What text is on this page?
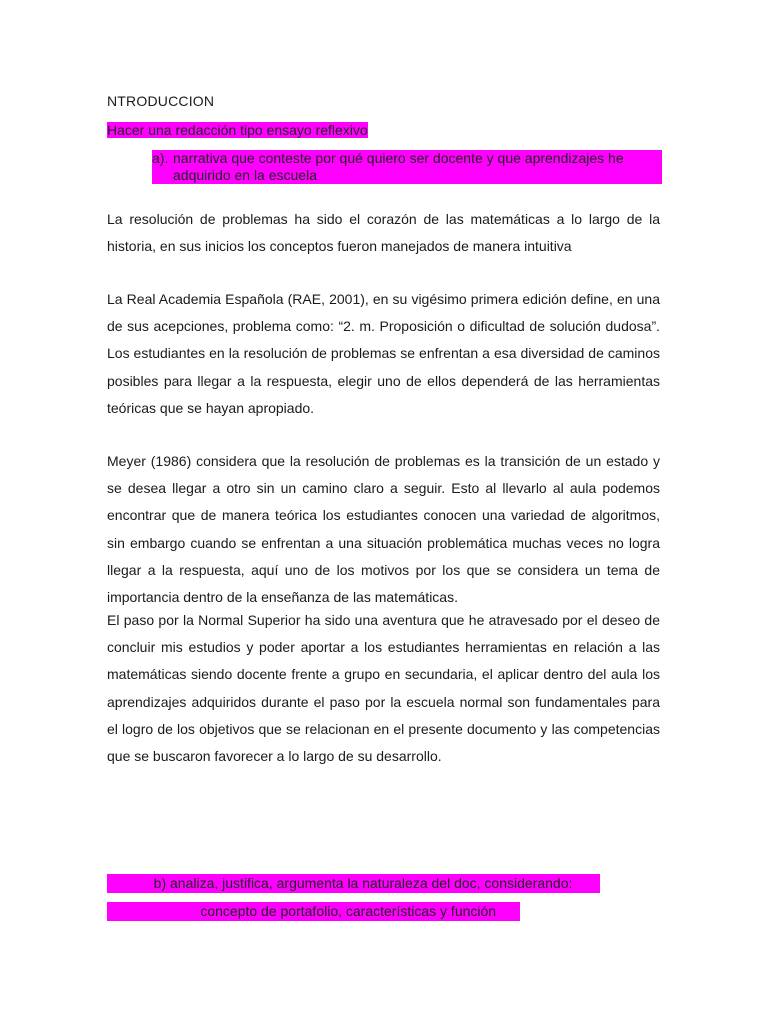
NTRODUCCION
Hacer una redacción tipo ensayo reflexivo
a). narrativa que conteste por qué quiero ser docente y que aprendizajes he adquirido en la escuela

La resolución de problemas ha sido el corazón de las matemáticas a lo largo de la historia, en sus inicios los conceptos fueron manejados de manera intuitiva

La Real Academia Española (RAE, 2001), en su vigésimo primera edición define, en una de sus acepciones, problema como: “2. m. Proposición o dificultad de solución dudosa”. Los estudiantes en la resolución de problemas se enfrentan a esa diversidad de caminos posibles para llegar a la respuesta, elegir uno de ellos dependerá de las herramientas teóricas que se hayan apropiado.

Meyer (1986) considera que la resolución de problemas es la transición de un estado y se desea llegar a otro sin un camino claro a seguir. Esto al llevarlo al aula podemos encontrar que de manera teórica los estudiantes conocen una variedad de algoritmos, sin embargo cuando se enfrentan a una situación problemática muchas veces no logra llegar a la respuesta, aquí uno de los motivos por los que se considera un tema de importancia dentro de la enseñanza de las matemáticas.

El paso por la Normal Superior ha sido una aventura que he atravesado por el deseo de concluir mis estudios y poder aportar a los estudiantes herramientas en relación a las matemáticas siendo docente frente a grupo en secundaria, el aplicar dentro del aula los aprendizajes adquiridos durante el paso por la escuela normal son fundamentales para el logro de los objetivos que se relacionan en el presente documento y las competencias que se buscaron favorecer a lo largo de su desarrollo.

b) analiza, justifica, argumenta la naturaleza del doc, considerando:
concepto de portafolio, características y función
